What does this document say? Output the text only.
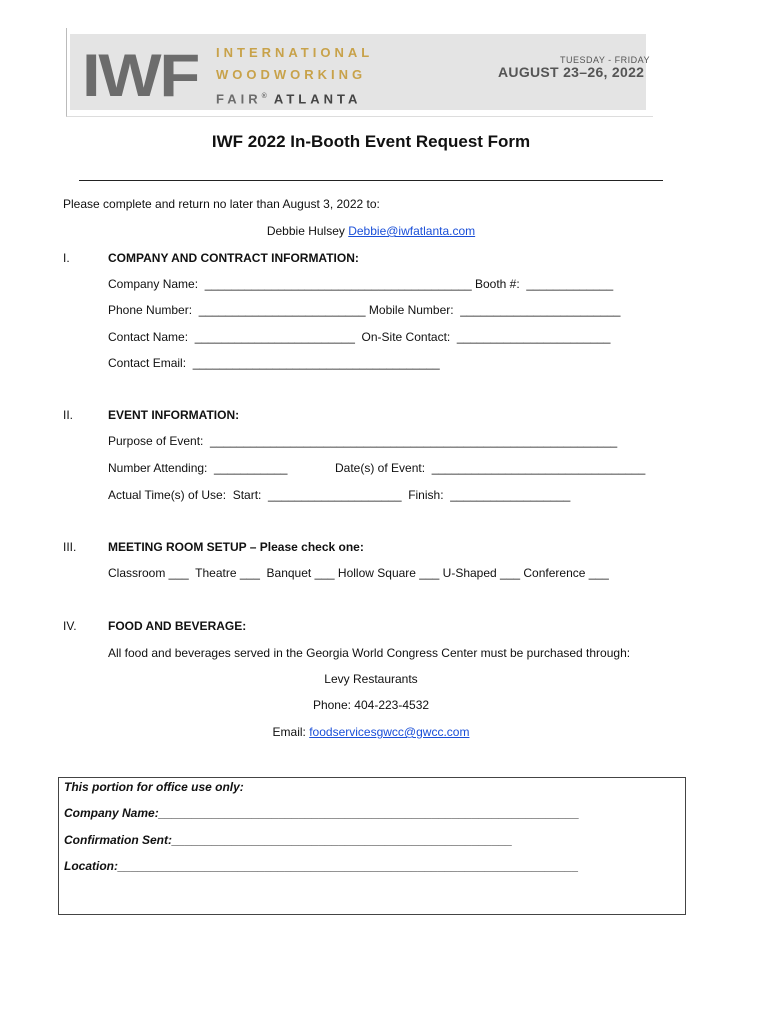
IWF INTERNATIONAL
WOODWORKING
FAIR® ATLANTA
TUESDAY - FRIDAY
AUGUST 23–26, 2022
IWF 2022 In-Booth Event Request Form
Please complete and return no later than August 3, 2022 to:
Debbie Hulsey Debbie@iwfatlanta.com
I.	COMPANY AND CONTRACT INFORMATION:
Company Name:  ________________________________________ Booth #:  _____________
Phone Number:  _________________________ Mobile Number:  ________________________
Contact Name:  ________________________  On-Site Contact:  _______________________
Contact Email:  _____________________________________
II.	EVENT INFORMATION:
Purpose of Event:  _____________________________________________________________
Number Attending:  ___________	Date(s) of Event:  ________________________________
Actual Time(s) of Use:  Start:  ____________________  Finish:  __________________
III.	MEETING ROOM SETUP – Please check one:
Classroom ___  Theatre ___  Banquet ___ Hollow Square ___ U-Shaped ___ Conference ___
IV.	FOOD AND BEVERAGE:
All food and beverages served in the Georgia World Congress Center must be purchased through:
Levy Restaurants
Phone: 404-223-4532
Email: foodservicesgwcc@gwcc.com
This portion for office use only:
Company Name:_______________________________________________________________
Confirmation Sent:___________________________________________________
Location:_____________________________________________________________________
